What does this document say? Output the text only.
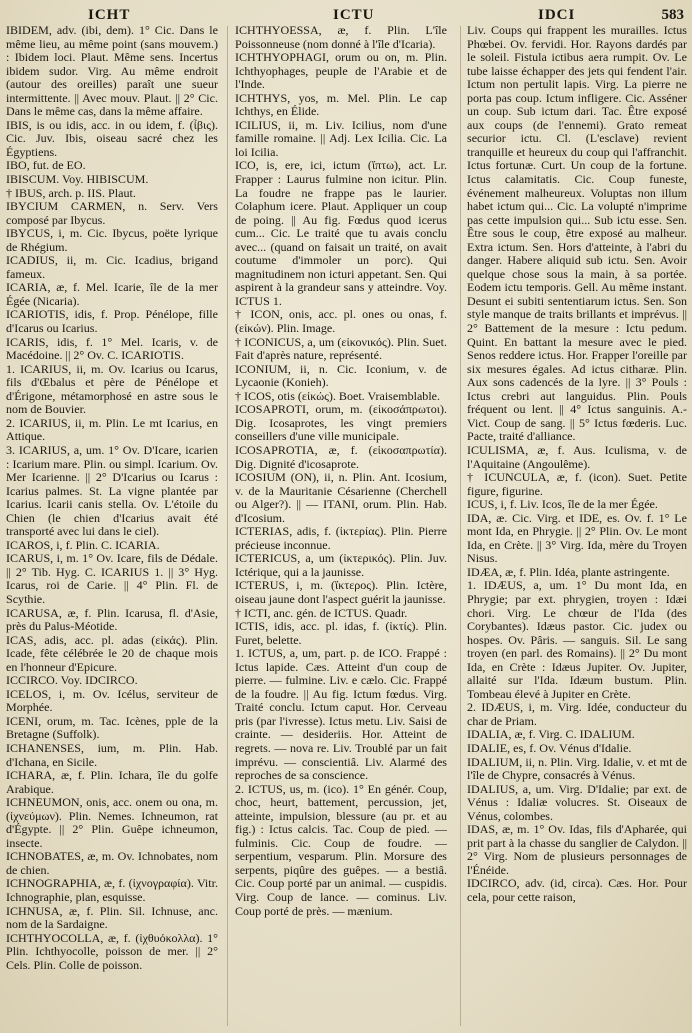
ICHT	ICTU	IDCI	583

IBIDEM, adv. (ibi, dem). 1° Cic. Dans le même lieu, au même point (sans mouvem.) : Ibidem loci. Plaut. Même sens. Incertus ibidem sudor. Virg. Au même endroit (autour des oreilles) paraît une sueur intermittente. || Avec mouv. Plaut. || 2° Cic. Dans le même cas, dans la même affaire.

IBIS, is ou idis, acc. in ou idem, f. (ἶβις). Cic. Juv. Ibis, oiseau sacré chez les Égyptiens.

IBO, fut. de EO.

IBISCUM. Voy. HIBISCUM.

† IBUS, arch. p. IIS. Plaut.

IBYCIUM CARMEN, n. Serv. Vers composé par Ibycus.

IBYCUS, i, m. Cic. Ibycus, poëte lyrique de Rhégium.

ICADIUS, ii, m. Cic. Icadius, brigand fameux.

ICARIA, æ, f. Mel. Icarie, île de la mer Égée (Nicaria).

ICARIOTIS, idis, f. Prop. Pénélope, fille d'Icarus ou Icarius.

ICARIS, idis, f. 1° Mel. Icaris, v. de Macédoine. || 2° Ov. C. ICARIOTIS.

1. ICARIUS, ii, m. Ov. Icarius ou Icarus, fils d'Œbalus et père de Pénélope et d'Érigone, métamorphosé en astre sous le nom de Bouvier.

2. ICARIUS, ii, m. Plin. Le mt Icarius, en Attique.

3. ICARIUS, a, um. 1° Ov. D'Icare, icarien : Icarium mare. Plin. ou simpl. Icarium. Ov. Mer Icarienne. || 2° D'Icarius ou Icarus : Icarius palmes. St. La vigne plantée par Icarius. Icarii canis stella. Ov. L'étoile du Chien (le chien d'Icarius avait été transporté avec lui dans le ciel).

ICAROS, i, f. Plin. C. ICARIA.

ICARUS, i, m. 1° Ov. Icare, fils de Dédale. || 2° Tib. Hyg. C. ICARIUS 1. || 3° Hyg. Icarus, roi de Carie. || 4° Plin. Fl. de Scythie.

ICARUSA, æ, f. Plin. Icarusa, fl. d'Asie, près du Palus-Méotide.

ICAS, adis, acc. pl. adas (εἰκάς). Plin. Icade, fête célébrée le 20 de chaque mois en l'honneur d'Epicure.

ICCIRCO. Voy. IDCIRCO.

ICELOS, i, m. Ov. Icélus, serviteur de Morphée.

ICENI, orum, m. Tac. Icènes, pple de la Bretagne (Suffolk).

ICHANENSES, ium, m. Plin. Hab. d'Ichana, en Sicile.

ICHARA, æ, f. Plin. Ichara, île du golfe Arabique.

ICHNEUMON, onis, acc. onem ou ona, m. (ἰχνεύμων). Plin. Nemes. Ichneumon, rat d'Égypte. || 2° Plin. Guêpe ichneumon, insecte.

ICHNOBATES, æ, m. Ov. Ichnobates, nom de chien.

ICHNOGRAPHIA, æ, f. (ἰχνογραφία). Vitr. Ichnographie, plan, esquisse.

ICHNUSA, æ, f. Plin. Sil. Ichnuse, anc. nom de la Sardaigne.

ICHTHYOCOLLA, æ, f. (ἰχθυόκολλα). 1° Plin. Ichthyocolle, poisson de mer. || 2° Cels. Plin. Colle de poisson.

ICHTHYOESSA, æ, f. Plin. L'île Poissonneuse (nom donné à l'île d'Icaria).

ICHTHYOPHAGI, orum ou on, m. Plin. Ichthyophages, peuple de l'Arabie et de l'Inde.

ICHTHYS, yos, m. Mel. Plin. Le cap Ichthys, en Élide.

ICILIUS, ii, m. Liv. Icilius, nom d'une famille romaine. || Adj. Lex Icilia. Cic. La loi Icilia.

ICO, is, ere, ici, ictum (ἴπτω), act. Lr. Frapper : Laurus fulmine non icitur. Plin. La foudre ne frappe pas le laurier. Colaphum icere. Plaut. Appliquer un coup de poing. || Au fig. Fœdus quod icerus cum... Cic. Le traité que tu avais conclu avec... (quand on faisait un traité, on avait coutume d'immoler un porc). Qui magnitudinem non icturi appetant. Sen. Qui aspirent à la grandeur sans y atteindre. Voy. ICTUS 1.

† ICON, onis, acc. pl. ones ou onas, f. (εἰκών). Plin. Image.

† ICONICUS, a, um (εἰκονικός). Plin. Suet. Fait d'après nature, représenté.

ICONIUM, ii, n. Cic. Iconium, v. de Lycaonie (Konieh).

† ICOS, otis (εἰκώς). Boet. Vraisemblable.

ICOSAPROTI, orum, m. (εἰκοσάπρωτοι). Dig. Icosaprotes, les vingt premiers conseillers d'une ville municipale.

ICOSAPROTIA, æ, f. (εἰκοσαπρωτία). Dig. Dignité d'icosaprote.

ICOSIUM (ON), ii, n. Plin. Ant. Icosium, v. de la Mauritanie Césarienne (Cherchell ou Alger?). || — ITANI, orum. Plin. Hab. d'Icosium.

ICTERIAS, adis, f. (ἰκτερίας). Plin. Pierre précieuse inconnue.

ICTERICUS, a, um (ἰκτερικός). Plin. Juv. Ictérique, qui a la jaunisse.

ICTERUS, i, m. (ἴκτερος). Plin. Ictère, oiseau jaune dont l'aspect guérit la jaunisse.

† ICTI, anc. gén. de ICTUS. Quadr.

ICTIS, idis, acc. pl. idas, f. (ἰκτίς). Plin. Furet, belette.

1. ICTUS, a, um, part. p. de ICO. Frappé : Ictus lapide. Cæs. Atteint d'un coup de pierre. — fulmine. Liv. e cælo. Cic. Frappé de la foudre. || Au fig. Ictum fœdus. Virg. Traité conclu. Ictum caput. Hor. Cerveau pris (par l'ivresse). Ictus metu. Liv. Saisi de crainte. — desideriis. Hor. Atteint de regrets. — nova re. Liv. Troublé par un fait imprévu. — conscientiâ. Liv. Alarmé des reproches de sa conscience.

2. ICTUS, us, m. (ico). 1° En génér. Coup, choc, heurt, battement, percussion, jet, atteinte, impulsion, blessure (au pr. et au fig.) : Ictus calcis. Tac. Coup de pied. — fulminis. Cic. Coup de foudre. — serpentium, vesparum. Plin. Morsure des serpents, piqûre des guêpes. — a bestiâ. Cic. Coup porté par un animal. — cuspidis. Virg. Coup de lance. — cominus. Liv. Coup porté de près. — mænium.

Liv. Coups qui frappent les murailles. Ictus Phœbei. Ov. fervidi. Hor. Rayons dardés par le soleil. Fistula ictibus aera rumpit. Ov. Le tube laisse échapper des jets qui fendent l'air. Ictum non pertulit lapis. Virg. La pierre ne porta pas coup. Ictum infligere. Cic. Asséner un coup. Sub ictum dari. Tac. Être exposé aux coups (de l'ennemi). Grato remeat securior ictu. Cl. (L'esclave) revient tranquille et heureux du coup qui l'affranchit. Ictus fortunæ. Curt. Un coup de la fortune. Ictus calamitatis. Cic. Coup funeste, événement malheureux. Voluptas non illum habet ictum qui... Cic. La volupté n'imprime pas cette impulsion qui... Sub ictu esse. Sen. Être sous le coup, être exposé au malheur. Extra ictum. Sen. Hors d'atteinte, à l'abri du danger. Habere aliquid sub ictu. Sen. Avoir quelque chose sous la main, à sa portée. Eodem ictu temporis. Gell. Au même instant. Desunt ei subiti sententiarum ictus. Sen. Son style manque de traits brillants et imprévus. || 2° Battement de la mesure : Ictu pedum. Quint. En battant la mesure avec le pied. Senos reddere ictus. Hor. Frapper l'oreille par six mesures égales. Ad ictus citharæ. Plin. Aux sons cadencés de la lyre. || 3° Pouls : Ictus crebri aut languidus. Plin. Pouls fréquent ou lent. || 4° Ictus sanguinis. A.-Vict. Coup de sang. || 5° Ictus fœderis. Luc. Pacte, traité d'alliance.

ICULISMA, æ, f. Aus. Iculisma, v. de l'Aquitaine (Angoulême).

† ICUNCULA, æ, f. (icon). Suet. Petite figure, figurine.

ICUS, i, f. Liv. Icos, île de la mer Égée.

IDA, æ. Cic. Virg. et IDE, es. Ov. f. 1° Le mont Ida, en Phrygie. || 2° Plin. Ov. Le mont Ida, en Crète. || 3° Virg. Ida, mère du Troyen Nisus.

IDÆA, æ, f. Plin. Idéa, plante astringente.

1. IDÆUS, a, um. 1° Du mont Ida, en Phrygie; par ext. phrygien, troyen : Idæi chori. Virg. Le chœur de l'Ida (des Corybantes). Idæus pastor. Cic. judex ou hospes. Ov. Pâris. — sanguis. Sil. Le sang troyen (en parl. des Romains). || 2° Du mont Ida, en Crète : Idæus Jupiter. Ov. Jupiter, allaité sur l'Ida. Idæum bustum. Plin. Tombeau élevé à Jupiter en Crète.

2. IDÆUS, i, m. Virg. Idée, conducteur du char de Priam.

IDALIA, æ, f. Virg. C. IDALIUM.

IDALIE, es, f. Ov. Vénus d'Idalie.

IDALIUM, ii, n. Plin. Virg. Idalie, v. et mt de l'île de Chypre, consacrés à Vénus.

IDALIUS, a, um. Virg. D'Idalie; par ext. de Vénus : Idaliæ volucres. St. Oiseaux de Vénus, colombes.

IDAS, æ, m. 1° Ov. Idas, fils d'Apharée, qui prit part à la chasse du sanglier de Calydon. || 2° Virg. Nom de plusieurs personnages de l'Énéide.

IDCIRCO, adv. (id, circa). Cæs. Hor. Pour cela, pour cette raison,
